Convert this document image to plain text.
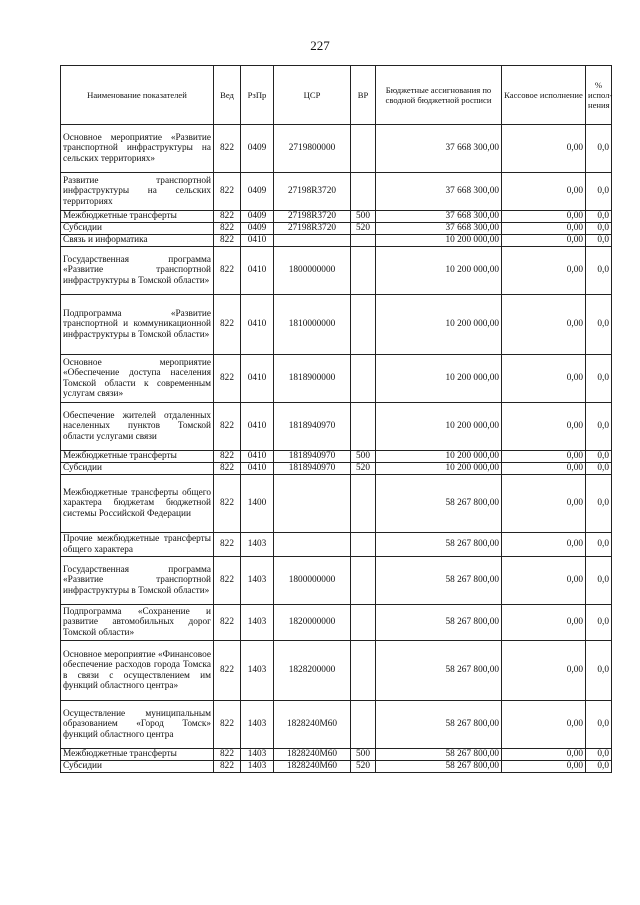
227
Наименование показателей	Вед	РзПр	ЦСР	ВР	Бюджетные ассигнования по сводной бюджетной росписи	Кассовое исполнение	% испол-нения
Основное мероприятие «Развитие транспортной инфраструктуры на сельских территориях»	822	0409	2719800000		37 668 300,00	0,00	0,0
Развитие транспортной инфраструктуры на сельских территориях	822	0409	27198R3720		37 668 300,00	0,00	0,0
Межбюджетные трансферты	822	0409	27198R3720	500	37 668 300,00	0,00	0,0
Субсидии	822	0409	27198R3720	520	37 668 300,00	0,00	0,0
Связь и информатика	822	0410			10 200 000,00	0,00	0,0
Государственная программа «Развитие транспортной инфраструктуры в Томской области»	822	0410	1800000000		10 200 000,00	0,00	0,0
Подпрограмма «Развитие транспортной и коммуникационной инфраструктуры в Томской области»	822	0410	1810000000		10 200 000,00	0,00	0,0
Основное мероприятие «Обеспечение доступа населения Томской области к современным услугам связи»	822	0410	1818900000		10 200 000,00	0,00	0,0
Обеспечение жителей отдаленных населенных пунктов Томской области услугами связи	822	0410	1818940970		10 200 000,00	0,00	0,0
Межбюджетные трансферты	822	0410	1818940970	500	10 200 000,00	0,00	0,0
Субсидии	822	0410	1818940970	520	10 200 000,00	0,00	0,0
Межбюджетные трансферты общего характера бюджетам бюджетной системы Российской Федерации	822	1400			58 267 800,00	0,00	0,0
Прочие межбюджетные трансферты общего характера	822	1403			58 267 800,00	0,00	0,0
Государственная программа «Развитие транспортной инфраструктуры в Томской области»	822	1403	1800000000		58 267 800,00	0,00	0,0
Подпрограмма «Сохранение и развитие автомобильных дорог Томской области»	822	1403	1820000000		58 267 800,00	0,00	0,0
Основное мероприятие «Финансовое обеспечение расходов города Томска в связи с осуществлением им функций областного центра»	822	1403	1828200000		58 267 800,00	0,00	0,0
Осуществление муниципальным образованием «Город Томск» функций областного центра	822	1403	1828240M60		58 267 800,00	0,00	0,0
Межбюджетные трансферты	822	1403	1828240M60	500	58 267 800,00	0,00	0,0
Субсидии	822	1403	1828240M60	520	58 267 800,00	0,00	0,0
